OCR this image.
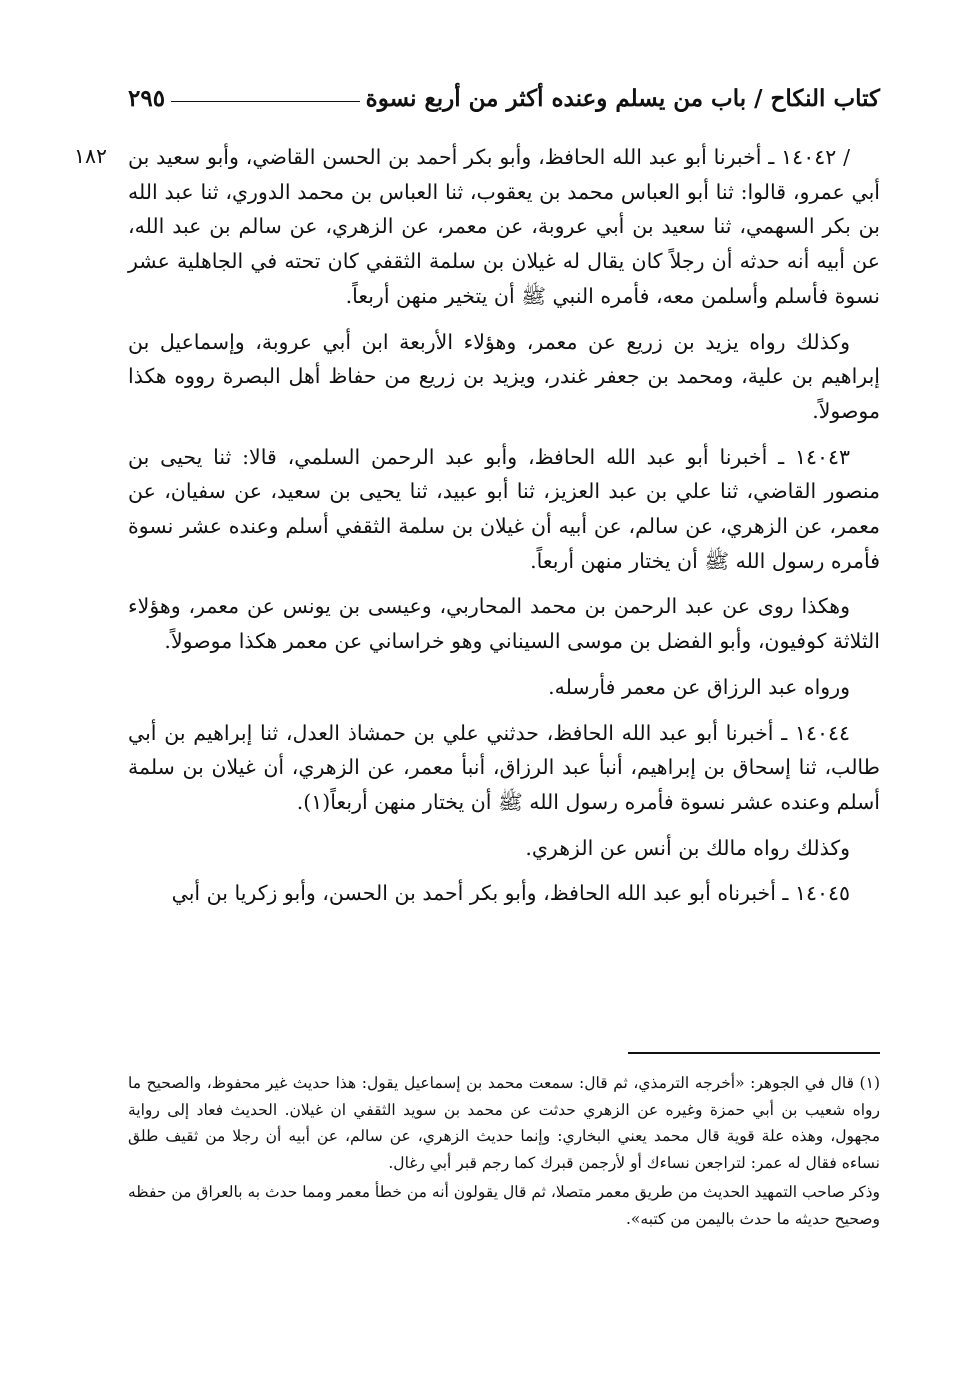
٢٩٥	كتاب النكاح / باب من يسلم وعنده أكثر من أربع نسوة
١٨٢ / ١٤٠٤٢ ـ أخبرنا أبو عبد الله الحافظ، وأبو بكر أحمد بن الحسن القاضي، وأبو سعيد بن أبي عمرو، قالوا: ثنا أبو العباس محمد بن يعقوب، ثنا العباس بن محمد الدوري، ثنا عبد الله بن بكر السهمي، ثنا سعيد بن أبي عروبة، عن معمر، عن الزهري، عن سالم بن عبد الله، عن أبيه أنه حدثه أن رجلاً كان يقال له غيلان بن سلمة الثقفي كان تحته في الجاهلية عشر نسوة فأسلم وأسلمن معه، فأمره النبي ﷺ أن يتخير منهن أربعاً.

وكذلك رواه يزيد بن زريع عن معمر، وهؤلاء الأربعة ابن أبي عروبة، وإسماعيل بن إبراهيم بن علية، ومحمد بن جعفر غندر، ويزيد بن زريع من حفاظ أهل البصرة رووه هكذا موصولاً.

١٤٠٤٣ ـ أخبرنا أبو عبد الله الحافظ، وأبو عبد الرحمن السلمي، قالا: ثنا يحيى بن منصور القاضي، ثنا علي بن عبد العزيز، ثنا أبو عبيد، ثنا يحيى بن سعيد، عن سفيان، عن معمر، عن الزهري، عن سالم، عن أبيه أن غيلان بن سلمة الثقفي أسلم وعنده عشر نسوة فأمره رسول الله ﷺ أن يختار منهن أربعاً.

وهكذا روى عن عبد الرحمن بن محمد المحاربي، وعيسى بن يونس عن معمر، وهؤلاء الثلاثة كوفيون، وأبو الفضل بن موسى السيناني وهو خراساني عن معمر هكذا موصولاً.

ورواه عبد الرزاق عن معمر فأرسله.

١٤٠٤٤ ـ أخبرنا أبو عبد الله الحافظ، حدثني علي بن حمشاذ العدل، ثنا إبراهيم بن أبي طالب، ثنا إسحاق بن إبراهيم، أنبأ عبد الرزاق، أنبأ معمر، عن الزهري، أن غيلان بن سلمة أسلم وعنده عشر نسوة فأمره رسول الله ﷺ أن يختار منهن أربعاً(١).

وكذلك رواه مالك بن أنس عن الزهري.

١٤٠٤٥ ـ أخبرناه أبو عبد الله الحافظ، وأبو بكر أحمد بن الحسن، وأبو زكريا بن أبي

(١) قال في الجوهر: «أخرجه الترمذي، ثم قال: سمعت محمد بن إسماعيل يقول: هذا حديث غير محفوظ، والصحيح ما رواه شعيب بن أبي حمزة وغيره عن الزهري حدثت عن محمد بن سويد الثقفي ان غيلان. الحديث فعاد إلى رواية مجهول، وهذه علة قوية قال محمد يعني البخاري: وإنما حديث الزهري، عن سالم، عن أبيه أن رجلا من ثقيف طلق نساءه فقال له عمر: لتراجعن نساءك أو لأرجمن قبرك كما رجم قبر أبي رغال.

وذكر صاحب التمهيد الحديث من طريق معمر متصلا، ثم قال يقولون أنه من خطأ معمر ومما حدث به بالعراق من حفظه وصحيح حديثه ما حدث باليمن من كتبه».
